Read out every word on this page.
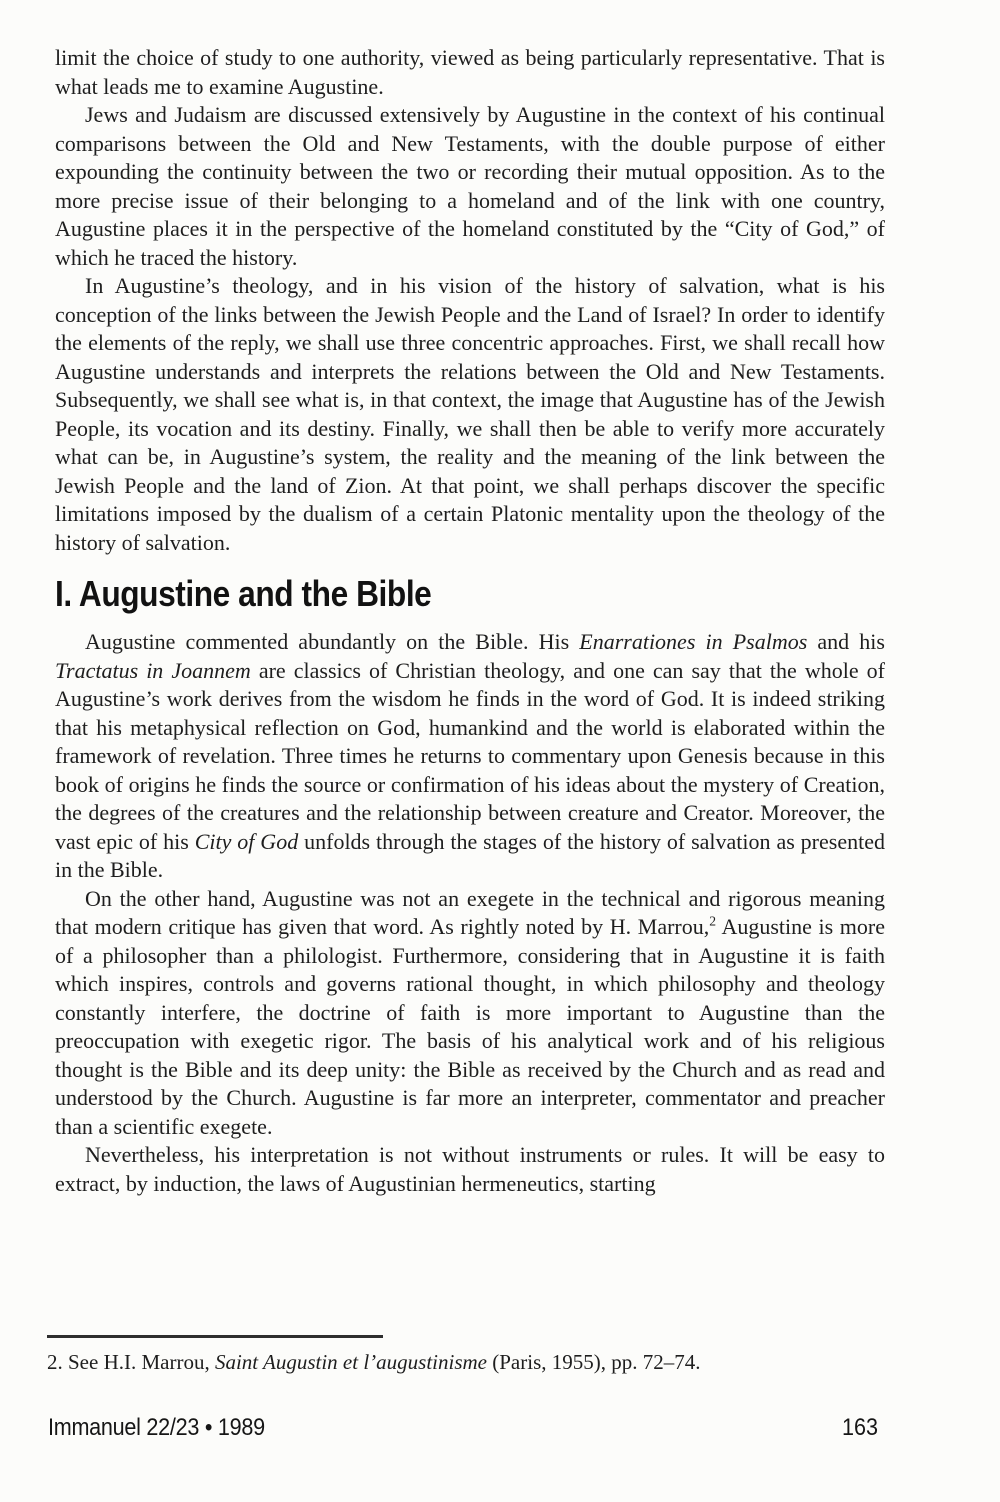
limit the choice of study to one authority, viewed as being particularly representative. That is what leads me to examine Augustine.

Jews and Judaism are discussed extensively by Augustine in the context of his continual comparisons between the Old and New Testaments, with the double purpose of either expounding the continuity between the two or recording their mutual opposition. As to the more precise issue of their belonging to a homeland and of the link with one country, Augustine places it in the perspective of the homeland constituted by the “City of God,” of which he traced the history.

In Augustine’s theology, and in his vision of the history of salvation, what is his conception of the links between the Jewish People and the Land of Israel? In order to identify the elements of the reply, we shall use three concentric approaches. First, we shall recall how Augustine understands and interprets the relations between the Old and New Testaments. Subsequently, we shall see what is, in that context, the image that Augustine has of the Jewish People, its vocation and its destiny. Finally, we shall then be able to verify more accurately what can be, in Augustine’s system, the reality and the meaning of the link between the Jewish People and the land of Zion. At that point, we shall perhaps discover the specific limitations imposed by the dualism of a certain Platonic mentality upon the theology of the history of salvation.

I. Augustine and the Bible

Augustine commented abundantly on the Bible. His Enarrationes in Psalmos and his Tractatus in Joannem are classics of Christian theology, and one can say that the whole of Augustine’s work derives from the wisdom he finds in the word of God. It is indeed striking that his metaphysical reflection on God, humankind and the world is elaborated within the framework of revelation. Three times he returns to commentary upon Genesis because in this book of origins he finds the source or confirmation of his ideas about the mystery of Creation, the degrees of the creatures and the relationship between creature and Creator. Moreover, the vast epic of his City of God unfolds through the stages of the history of salvation as presented in the Bible.

On the other hand, Augustine was not an exegete in the technical and rigorous meaning that modern critique has given that word. As rightly noted by H. Marrou,$^2$ Augustine is more of a philosopher than a philologist. Furthermore, considering that in Augustine it is faith which inspires, controls and governs rational thought, in which philosophy and theology constantly interfere, the doctrine of faith is more important to Augustine than the preoccupation with exegetic rigor. The basis of his analytical work and of his religious thought is the Bible and its deep unity: the Bible as received by the Church and as read and understood by the Church. Augustine is far more an interpreter, commentator and preacher than a scientific exegete.

Nevertheless, his interpretation is not without instruments or rules. It will be easy to extract, by induction, the laws of Augustinian hermeneutics, starting

2. See H.I. Marrou, Saint Augustin et l’augustinisme (Paris, 1955), pp. 72–74.
Immanuel 22/23 • 1989	163
